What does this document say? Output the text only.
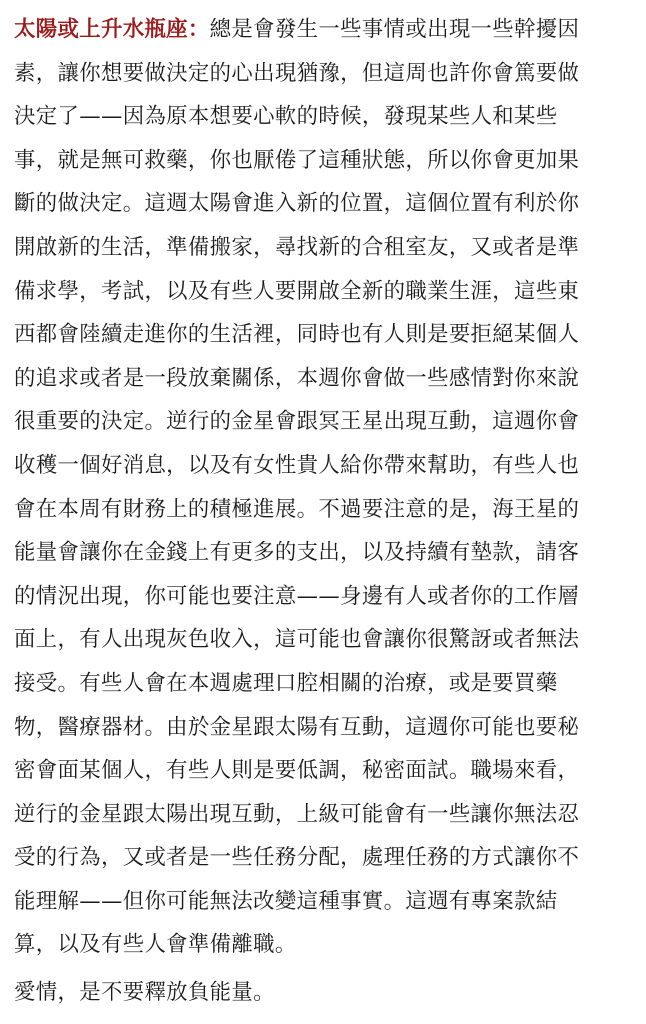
太陽或上升水瓶座：總是會發生一些事情或出現一些幹擾因
素，讓你想要做決定的心出現猶豫，但這周也許你會篤要做
決定了——因為原本想要心軟的時候，發現某些人和某些
事，就是無可救藥，你也厭倦了這種狀態，所以你會更加果
斷的做決定。這週太陽會進入新的位置，這個位置有利於你
開啟新的生活，準備搬家，尋找新的合租室友，又或者是準
備求學，考試，以及有些人要開啟全新的職業生涯，這些東
西都會陸續走進你的生活裡，同時也有人則是要拒絕某個人
的追求或者是一段放棄關係，本週你會做一些感情對你來說
很重要的決定。逆行的金星會跟冥王星出現互動，這週你會
收穫一個好消息，以及有女性貴人給你帶來幫助，有些人也
會在本周有財務上的積極進展。不過要注意的是，海王星的
能量會讓你在金錢上有更多的支出，以及持續有墊款，請客
的情況出現，你可能也要注意——身邊有人或者你的工作層
面上，有人出現灰色收入，這可能也會讓你很驚訝或者無法
接受。有些人會在本週處理口腔相關的治療，或是要買藥
物，醫療器材。由於金星跟太陽有互動，這週你可能也要秘
密會面某個人，有些人則是要低調，秘密面試。職場來看，
逆行的金星跟太陽出現互動，上級可能會有一些讓你無法忍
受的行為，又或者是一些任務分配，處理任務的方式讓你不
能理解——但你可能無法改變這種事實。這週有專案款結
算，以及有些人會準備離職。
愛情，是不要釋放負能量。
